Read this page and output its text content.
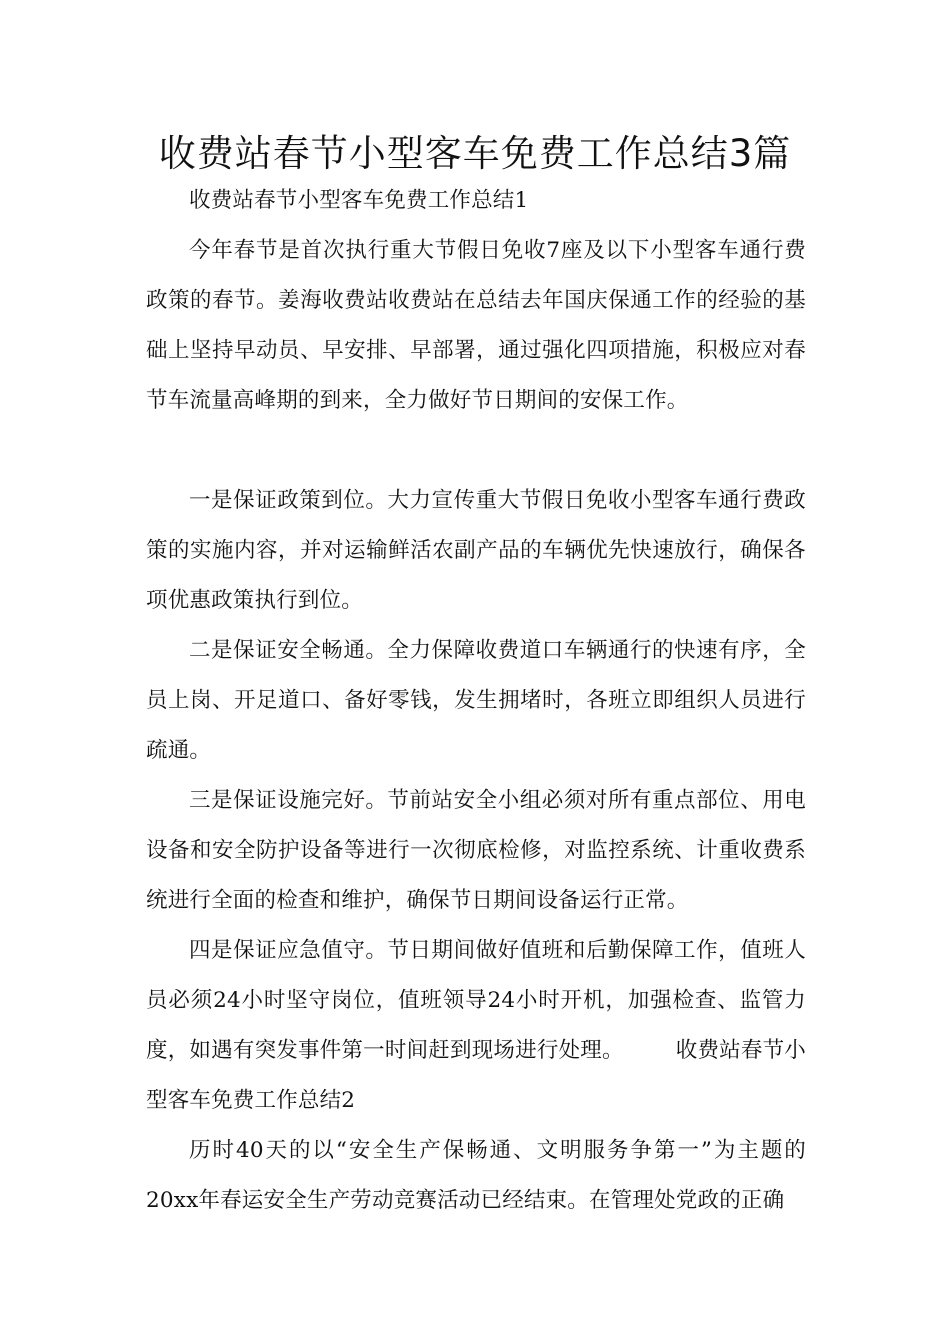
收费站春节小型客车免费工作总结3篇

收费站春节小型客车免费工作总结1

今年春节是首次执行重大节假日免收7座及以下小型客车通行费政策的春节。姜海收费站收费站在总结去年国庆保通工作的经验的基础上坚持早动员、早安排、早部署，通过强化四项措施，积极应对春节车流量高峰期的到来，全力做好节日期间的安保工作。

一是保证政策到位。大力宣传重大节假日免收小型客车通行费政策的实施内容，并对运输鲜活农副产品的车辆优先快速放行，确保各项优惠政策执行到位。

二是保证安全畅通。全力保障收费道口车辆通行的快速有序，全员上岗、开足道口、备好零钱，发生拥堵时，各班立即组织人员进行疏通。

三是保证设施完好。节前站安全小组必须对所有重点部位、用电设备和安全防护设备等进行一次彻底检修，对监控系统、计重收费系统进行全面的检查和维护，确保节日期间设备运行正常。

四是保证应急值守。节日期间做好值班和后勤保障工作，值班人员必须24小时坚守岗位，值班领导24小时开机，加强检查、监管力度，如遇有突发事件第一时间赶到现场进行处理。 收费站春节小型客车免费工作总结2

历时40天的以“安全生产保畅通、文明服务争第一”为主题的20xx年春运安全生产劳动竞赛活动已经结束。在管理处党政的正确
